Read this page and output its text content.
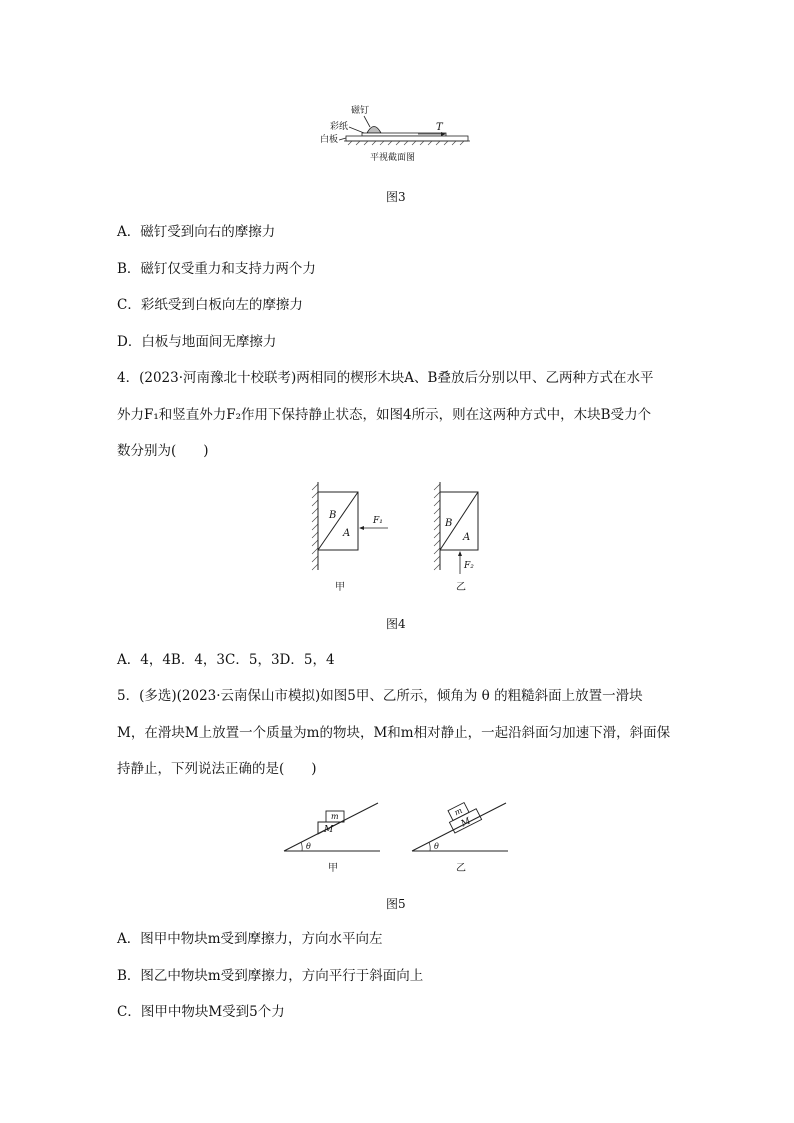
磁钉
彩纸
白板
T
平视截面图
图3
A．磁钉受到向右的摩擦力
B．磁钉仅受重力和支持力两个力
C．彩纸受到白板向左的摩擦力
D．白板与地面间无摩擦力
4．(2023·河南豫北十校联考)两相同的楔形木块A、B叠放后分别以甲、乙两种方式在水平
外力F₁和竖直外力F₂作用下保持静止状态，如图4所示，则在这两种方式中，木块B受力个
数分别为(　　)
B
A
F₁
甲
B
A
F₂
乙
图4
A．4，4B．4，3C．5，3D．5，4
5．(多选)(2023·云南保山市模拟)如图5甲、乙所示，倾角为 θ 的粗糙斜面上放置一滑块
M，在滑块M上放置一个质量为m的物块，M和m相对静止，一起沿斜面匀加速下滑，斜面保
持静止，下列说法正确的是(　　)
θ
M
m
甲
θ
M
m
乙
图5
A．图甲中物块m受到摩擦力，方向水平向左
B．图乙中物块m受到摩擦力，方向平行于斜面向上
C．图甲中物块M受到5个力
